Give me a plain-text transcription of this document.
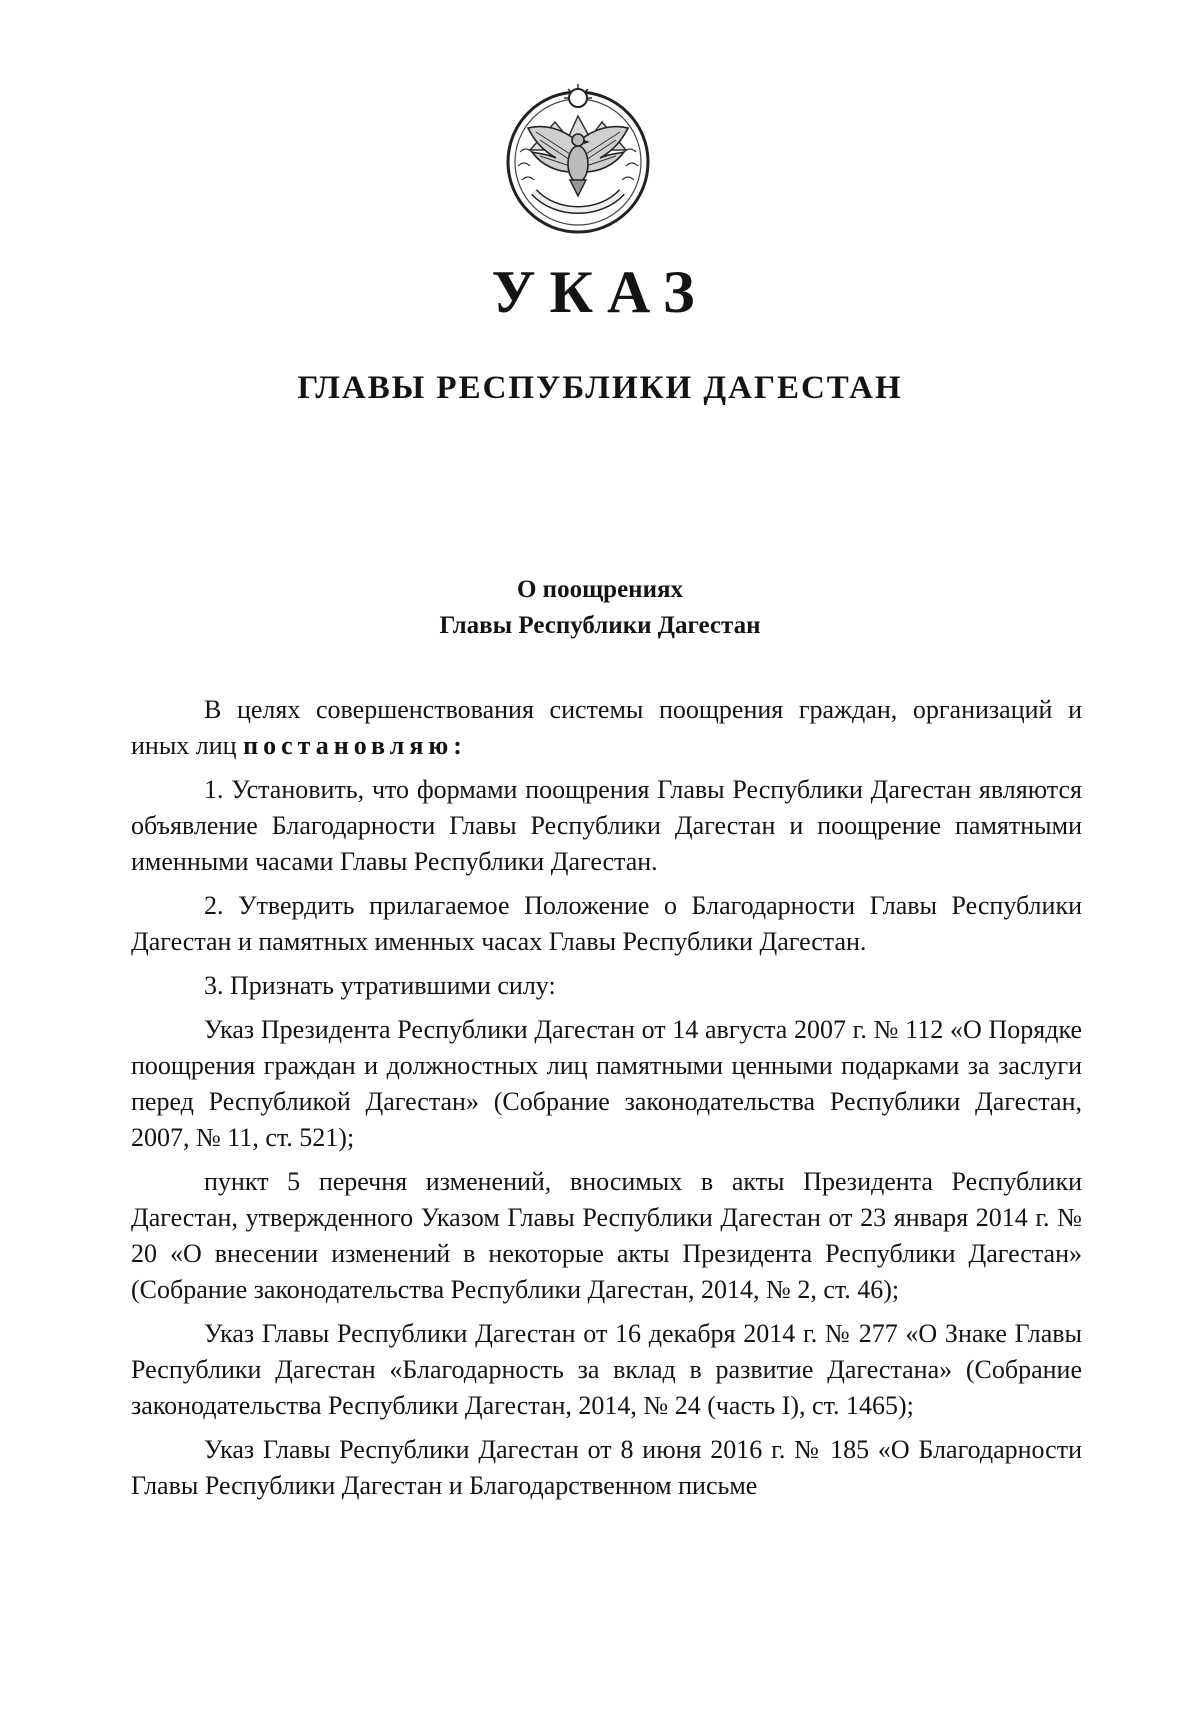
УКАЗ
ГЛАВЫ РЕСПУБЛИКИ ДАГЕСТАН
О поощрениях
Главы Республики Дагестан

В целях совершенствования системы поощрения граждан, организаций и иных лиц постановляю:

1. Установить, что формами поощрения Главы Республики Дагестан являются объявление Благодарности Главы Республики Дагестан и поощрение памятными именными часами Главы Республики Дагестан.

2. Утвердить прилагаемое Положение о Благодарности Главы Республики Дагестан и памятных именных часах Главы Республики Дагестан.

3. Признать утратившими силу:

Указ Президента Республики Дагестан от 14 августа 2007 г. № 112 «О Порядке поощрения граждан и должностных лиц памятными ценными подарками за заслуги перед Республикой Дагестан» (Собрание законодательства Республики Дагестан, 2007, № 11, ст. 521);

пункт 5 перечня изменений, вносимых в акты Президента Республики Дагестан, утвержденного Указом Главы Республики Дагестан от 23 января 2014 г. № 20 «О внесении изменений в некоторые акты Президента Республики Дагестан» (Собрание законодательства Республики Дагестан, 2014, № 2, ст. 46);

Указ Главы Республики Дагестан от 16 декабря 2014 г. № 277 «О Знаке Главы Республики Дагестан «Благодарность за вклад в развитие Дагестана» (Собрание законодательства Республики Дагестан, 2014, № 24 (часть I), ст. 1465);

Указ Главы Республики Дагестан от 8 июня 2016 г. № 185 «О Благодарности Главы Республики Дагестан и Благодарственном письме
